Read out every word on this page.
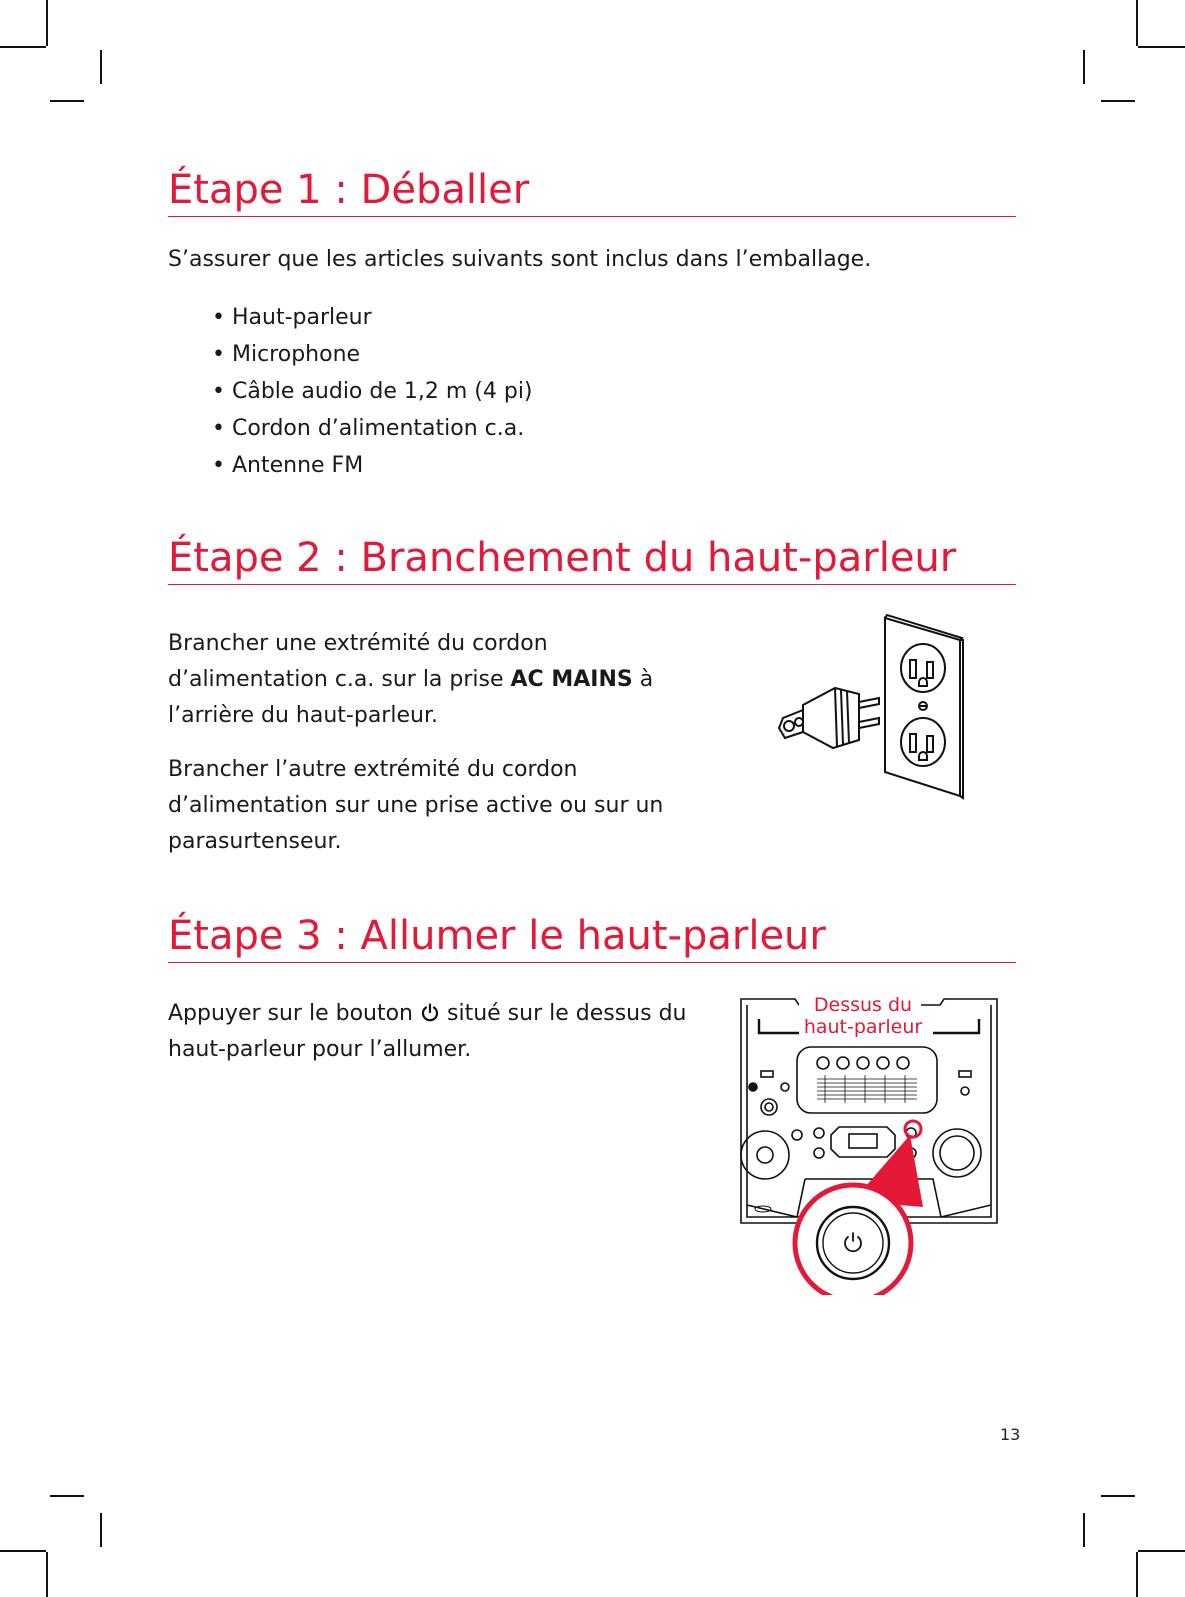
Étape 1 : Déballer

S’assurer que les articles suivants sont inclus dans l’emballage.

• Haut-parleur
• Microphone
• Câble audio de 1,2 m (4 pi)
• Cordon d’alimentation c.a.
• Antenne FM
Étape 2 : Branchement du haut-parleur
Brancher une extrémité du cordon
d’alimentation c.a. sur la prise AC MAINS à
l’arrière du haut-parleur.
Brancher l’autre extrémité du cordon
d’alimentation sur une prise active ou sur un
parasurtenseur.
Étape 3 : Allumer le haut-parleur
Appuyer sur le bouton  situé sur le dessus du
haut-parleur pour l’allumer.
Dessus du
haut-parleur
13
